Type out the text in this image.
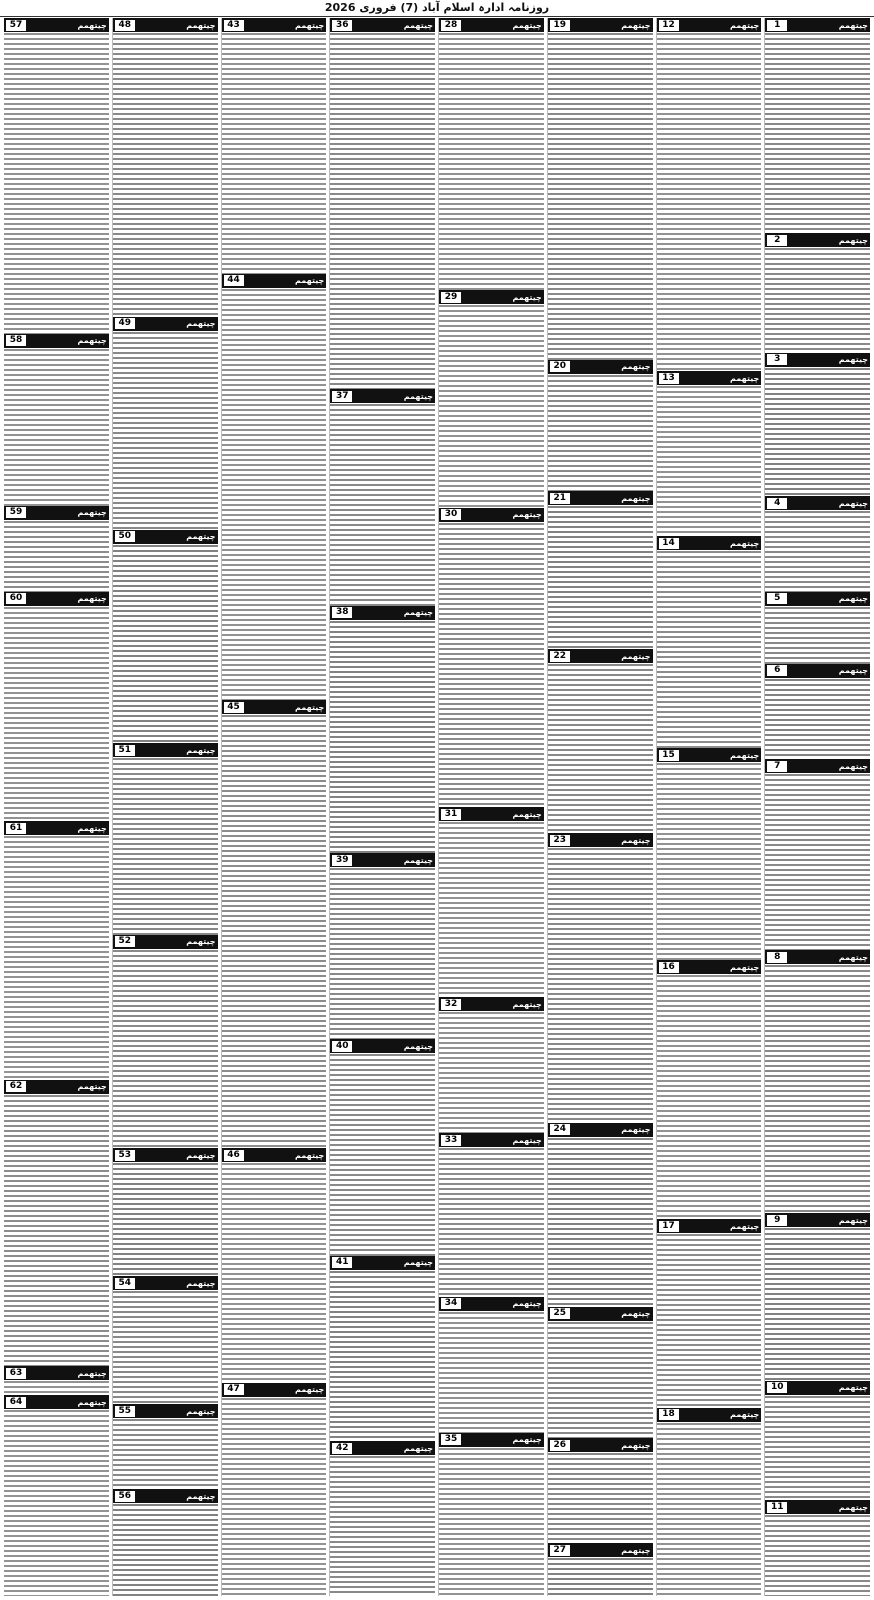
روزنامہ ادارہ اسلام آباد (7) فروری 2026
چیتھمم
1
چیتھمم
2
چیتھمم
3
چیتھمم
4
چیتھمم
5
چیتھمم
6
چیتھمم
7
چیتھمم
8
چیتھمم
9
چیتھمم
10
چیتھمم
11
چیتھمم
12
چیتھمم
13
چیتھمم
14
چیتھمم
15
چیتھمم
16
چیتھمم
17
چیتھمم
18
چیتھمم
19
چیتھمم
20
چیتھمم
21
چیتھمم
22
چیتھمم
23
چیتھمم
24
چیتھمم
25
چیتھمم
26
چیتھمم
27
چیتھمم
28
چیتھمم
29
چیتھمم
30
چیتھمم
31
چیتھمم
32
چیتھمم
33
چیتھمم
34
چیتھمم
35
چیتھمم
36
چیتھمم
37
چیتھمم
38
چیتھمم
39
چیتھمم
40
چیتھمم
41
چیتھمم
42
چیتھمم
43
چیتھمم
44
چیتھمم
45
چیتھمم
46
چیتھمم
47
چیتھمم
48
چیتھمم
49
چیتھمم
50
چیتھمم
51
چیتھمم
52
چیتھمم
53
چیتھمم
54
چیتھمم
55
چیتھمم
56
چیتھمم
57
چیتھمم
58
چیتھمم
59
چیتھمم
60
چیتھمم
61
چیتھمم
62
چیتھمم
63
چیتھمم
64
